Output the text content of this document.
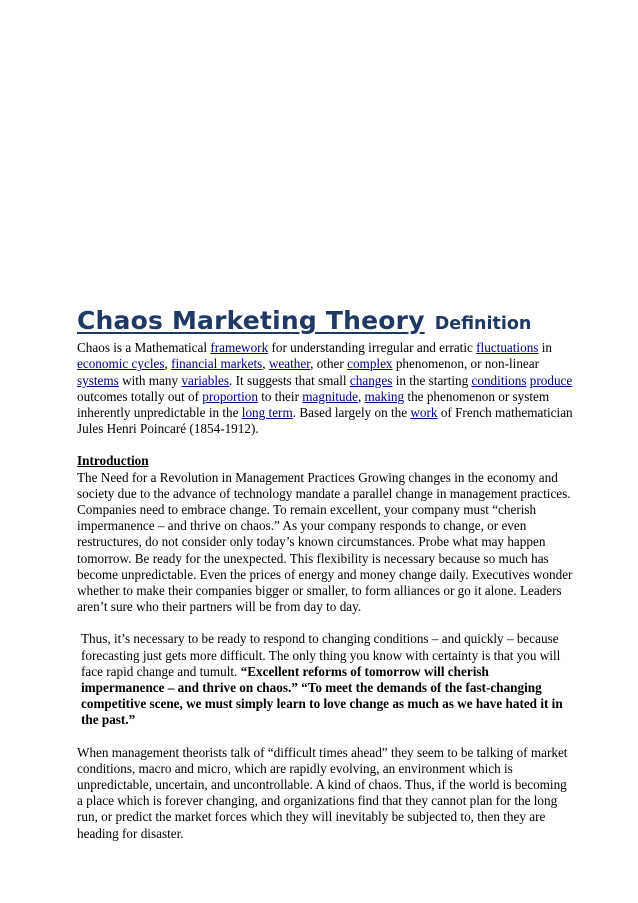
Chaos Marketing Theory Definition

Chaos is a Mathematical framework for understanding irregular and erratic fluctuations in economic cycles, financial markets, weather, other complex phenomenon, or non-linear systems with many variables. It suggests that small changes in the starting conditions produce outcomes totally out of proportion to their magnitude, making the phenomenon or system inherently unpredictable in the long term. Based largely on the work of French mathematician Jules Henri Poincaré (1854-1912).

Introduction
The Need for a Revolution in Management Practices Growing changes in the economy and society due to the advance of technology mandate a parallel change in management practices. Companies need to embrace change. To remain excellent, your company must “cherish impermanence – and thrive on chaos.” As your company responds to change, or even restructures, do not consider only today’s known circumstances. Probe what may happen tomorrow. Be ready for the unexpected. This flexibility is necessary because so much has become unpredictable. Even the prices of energy and money change daily. Executives wonder whether to make their companies bigger or smaller, to form alliances or go it alone. Leaders aren’t sure who their partners will be from day to day.

Thus, it’s necessary to be ready to respond to changing conditions – and quickly – because forecasting just gets more difficult. The only thing you know with certainty is that you will face rapid change and tumult. “Excellent reforms of tomorrow will cherish impermanence – and thrive on chaos.” “To meet the demands of the fast-changing competitive scene, we must simply learn to love change as much as we have hated it in the past.”

When management theorists talk of “difficult times ahead” they seem to be talking of market conditions, macro and micro, which are rapidly evolving, an environment which is unpredictable, uncertain, and uncontrollable. A kind of chaos. Thus, if the world is becoming a place which is forever changing, and organizations find that they cannot plan for the long run, or predict the market forces which they will inevitably be subjected to, then they are heading for disaster.
